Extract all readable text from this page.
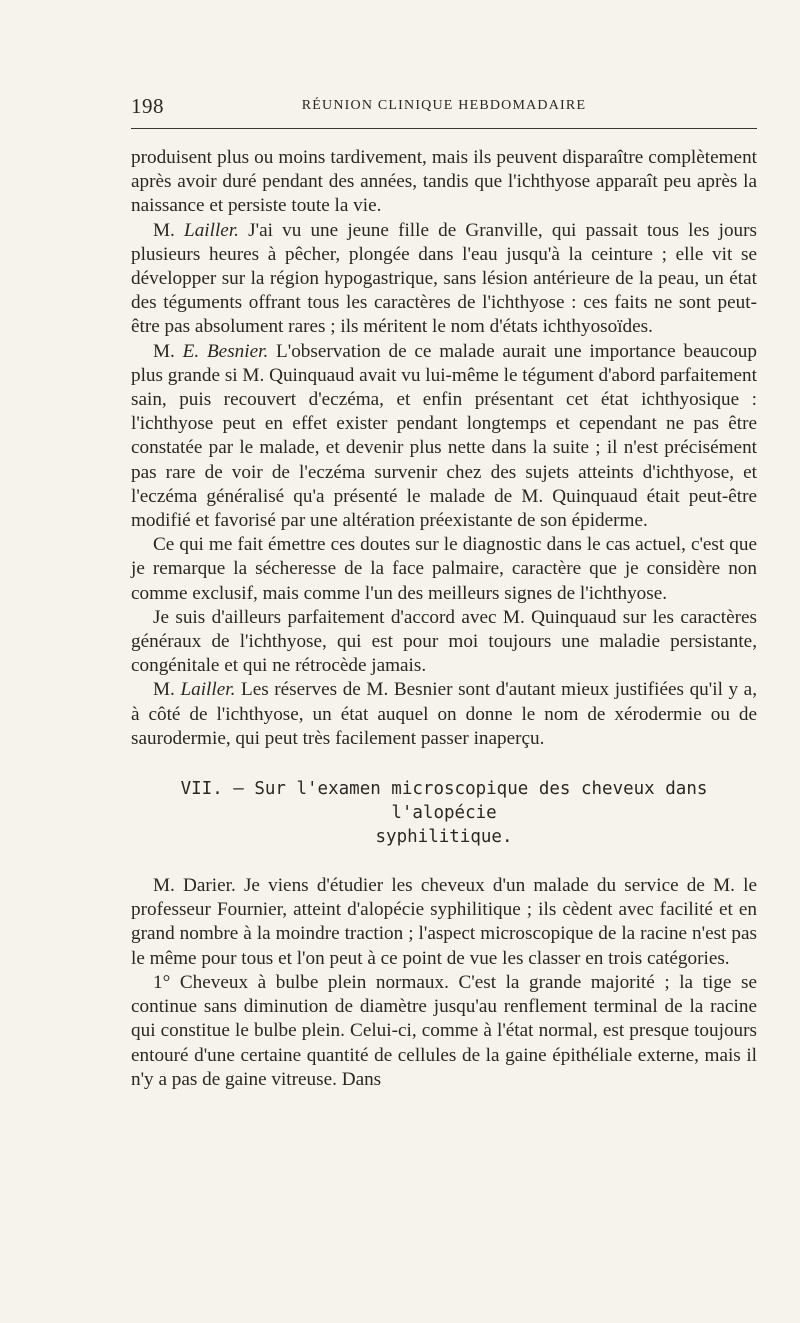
198	RÉUNION CLINIQUE HEBDOMADAIRE

produisent plus ou moins tardivement, mais ils peuvent disparaître complètement après avoir duré pendant des années, tandis que l'ichthyose apparaît peu après la naissance et persiste toute la vie.

M. Lailler. J'ai vu une jeune fille de Granville, qui passait tous les jours plusieurs heures à pêcher, plongée dans l'eau jusqu'à la ceinture ; elle vit se développer sur la région hypogastrique, sans lésion antérieure de la peau, un état des téguments offrant tous les caractères de l'ichthyose : ces faits ne sont peut-être pas absolument rares ; ils méritent le nom d'états ichthyosoïdes.

M. E. Besnier. L'observation de ce malade aurait une importance beaucoup plus grande si M. Quinquaud avait vu lui-même le tégument d'abord parfaitement sain, puis recouvert d'eczéma, et enfin présentant cet état ichthyosique : l'ichthyose peut en effet exister pendant longtemps et cependant ne pas être constatée par le malade, et devenir plus nette dans la suite ; il n'est précisément pas rare de voir de l'eczéma survenir chez des sujets atteints d'ichthyose, et l'eczéma généralisé qu'a présenté le malade de M. Quinquaud était peut-être modifié et favorisé par une altération préexistante de son épiderme.

Ce qui me fait émettre ces doutes sur le diagnostic dans le cas actuel, c'est que je remarque la sécheresse de la face palmaire, caractère que je considère non comme exclusif, mais comme l'un des meilleurs signes de l'ichthyose.

Je suis d'ailleurs parfaitement d'accord avec M. Quinquaud sur les caractères généraux de l'ichthyose, qui est pour moi toujours une maladie persistante, congénitale et qui ne rétrocède jamais.

M. Lailler. Les réserves de M. Besnier sont d'autant mieux justifiées qu'il y a, à côté de l'ichthyose, un état auquel on donne le nom de xérodermie ou de saurodermie, qui peut très facilement passer inaperçu.

VII. — Sur l'examen microscopique des cheveux dans l'alopécie
syphilitique.

M. Darier. Je viens d'étudier les cheveux d'un malade du service de M. le professeur Fournier, atteint d'alopécie syphilitique ; ils cèdent avec facilité et en grand nombre à la moindre traction ; l'aspect microscopique de la racine n'est pas le même pour tous et l'on peut à ce point de vue les classer en trois catégories.

1° Cheveux à bulbe plein normaux. C'est la grande majorité ; la tige se continue sans diminution de diamètre jusqu'au renflement terminal de la racine qui constitue le bulbe plein. Celui-ci, comme à l'état normal, est presque toujours entouré d'une certaine quantité de cellules de la gaine épithéliale externe, mais il n'y a pas de gaine vitreuse. Dans
